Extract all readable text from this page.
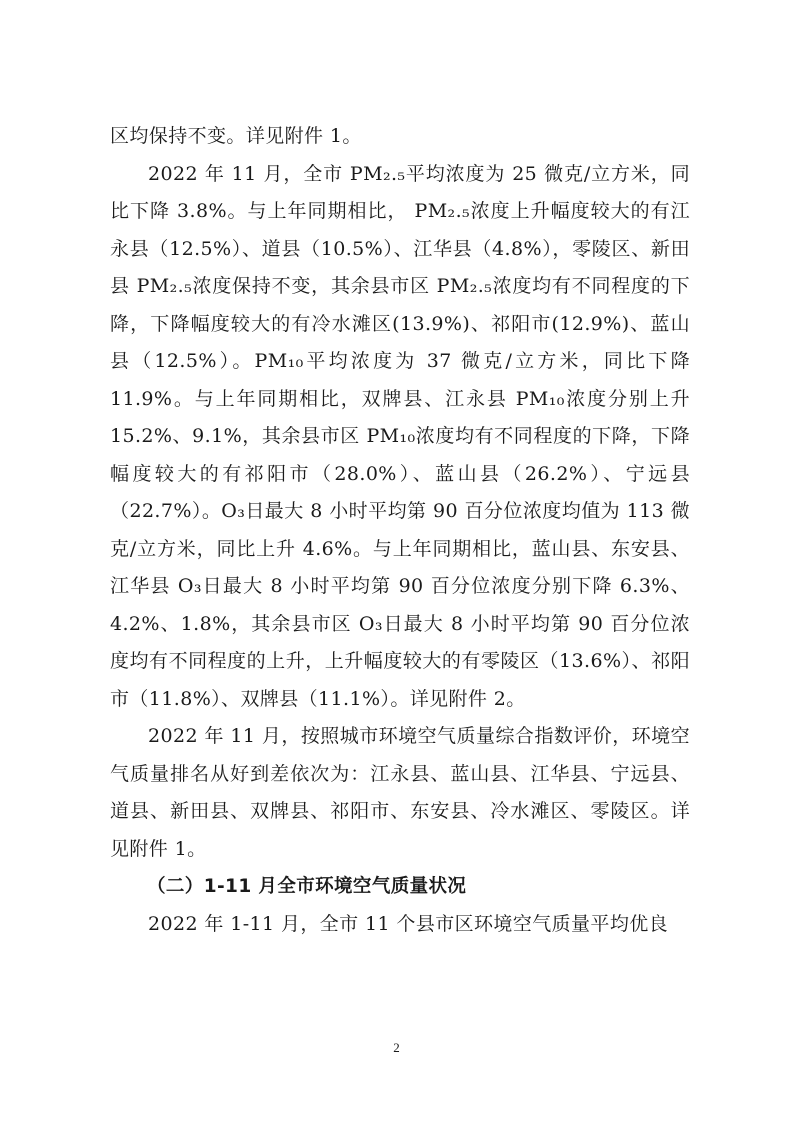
区均保持不变。详见附件 1。

2022 年 11 月，全市 PM₂.₅平均浓度为 25 微克/立方米，同比下降 3.8%。与上年同期相比， PM₂.₅浓度上升幅度较大的有江永县（12.5%）、道县（10.5%）、江华县（4.8%），零陵区、新田县 PM₂.₅浓度保持不变，其余县市区 PM₂.₅浓度均有不同程度的下降，下降幅度较大的有冷水滩区(13.9%)、祁阳市(12.9%)、蓝山县（12.5%）。PM₁₀平均浓度为 37 微克/立方米，同比下降 11.9%。与上年同期相比，双牌县、江永县 PM₁₀浓度分别上升 15.2%、9.1%，其余县市区 PM₁₀浓度均有不同程度的下降，下降幅度较大的有祁阳市（28.0%）、蓝山县（26.2%）、宁远县（22.7%）。O₃日最大 8 小时平均第 90 百分位浓度均值为 113 微克/立方米，同比上升 4.6%。与上年同期相比，蓝山县、东安县、江华县 O₃日最大 8 小时平均第 90 百分位浓度分别下降 6.3%、4.2%、1.8%，其余县市区 O₃日最大 8 小时平均第 90 百分位浓度均有不同程度的上升，上升幅度较大的有零陵区（13.6%）、祁阳市（11.8%）、双牌县（11.1%）。详见附件 2。

2022 年 11 月，按照城市环境空气质量综合指数评价，环境空气质量排名从好到差依次为：江永县、蓝山县、江华县、宁远县、道县、新田县、双牌县、祁阳市、东安县、冷水滩区、零陵区。详见附件 1。

（二）1-11 月全市环境空气质量状况

2022 年 1-11 月，全市 11 个县市区环境空气质量平均优良

2
